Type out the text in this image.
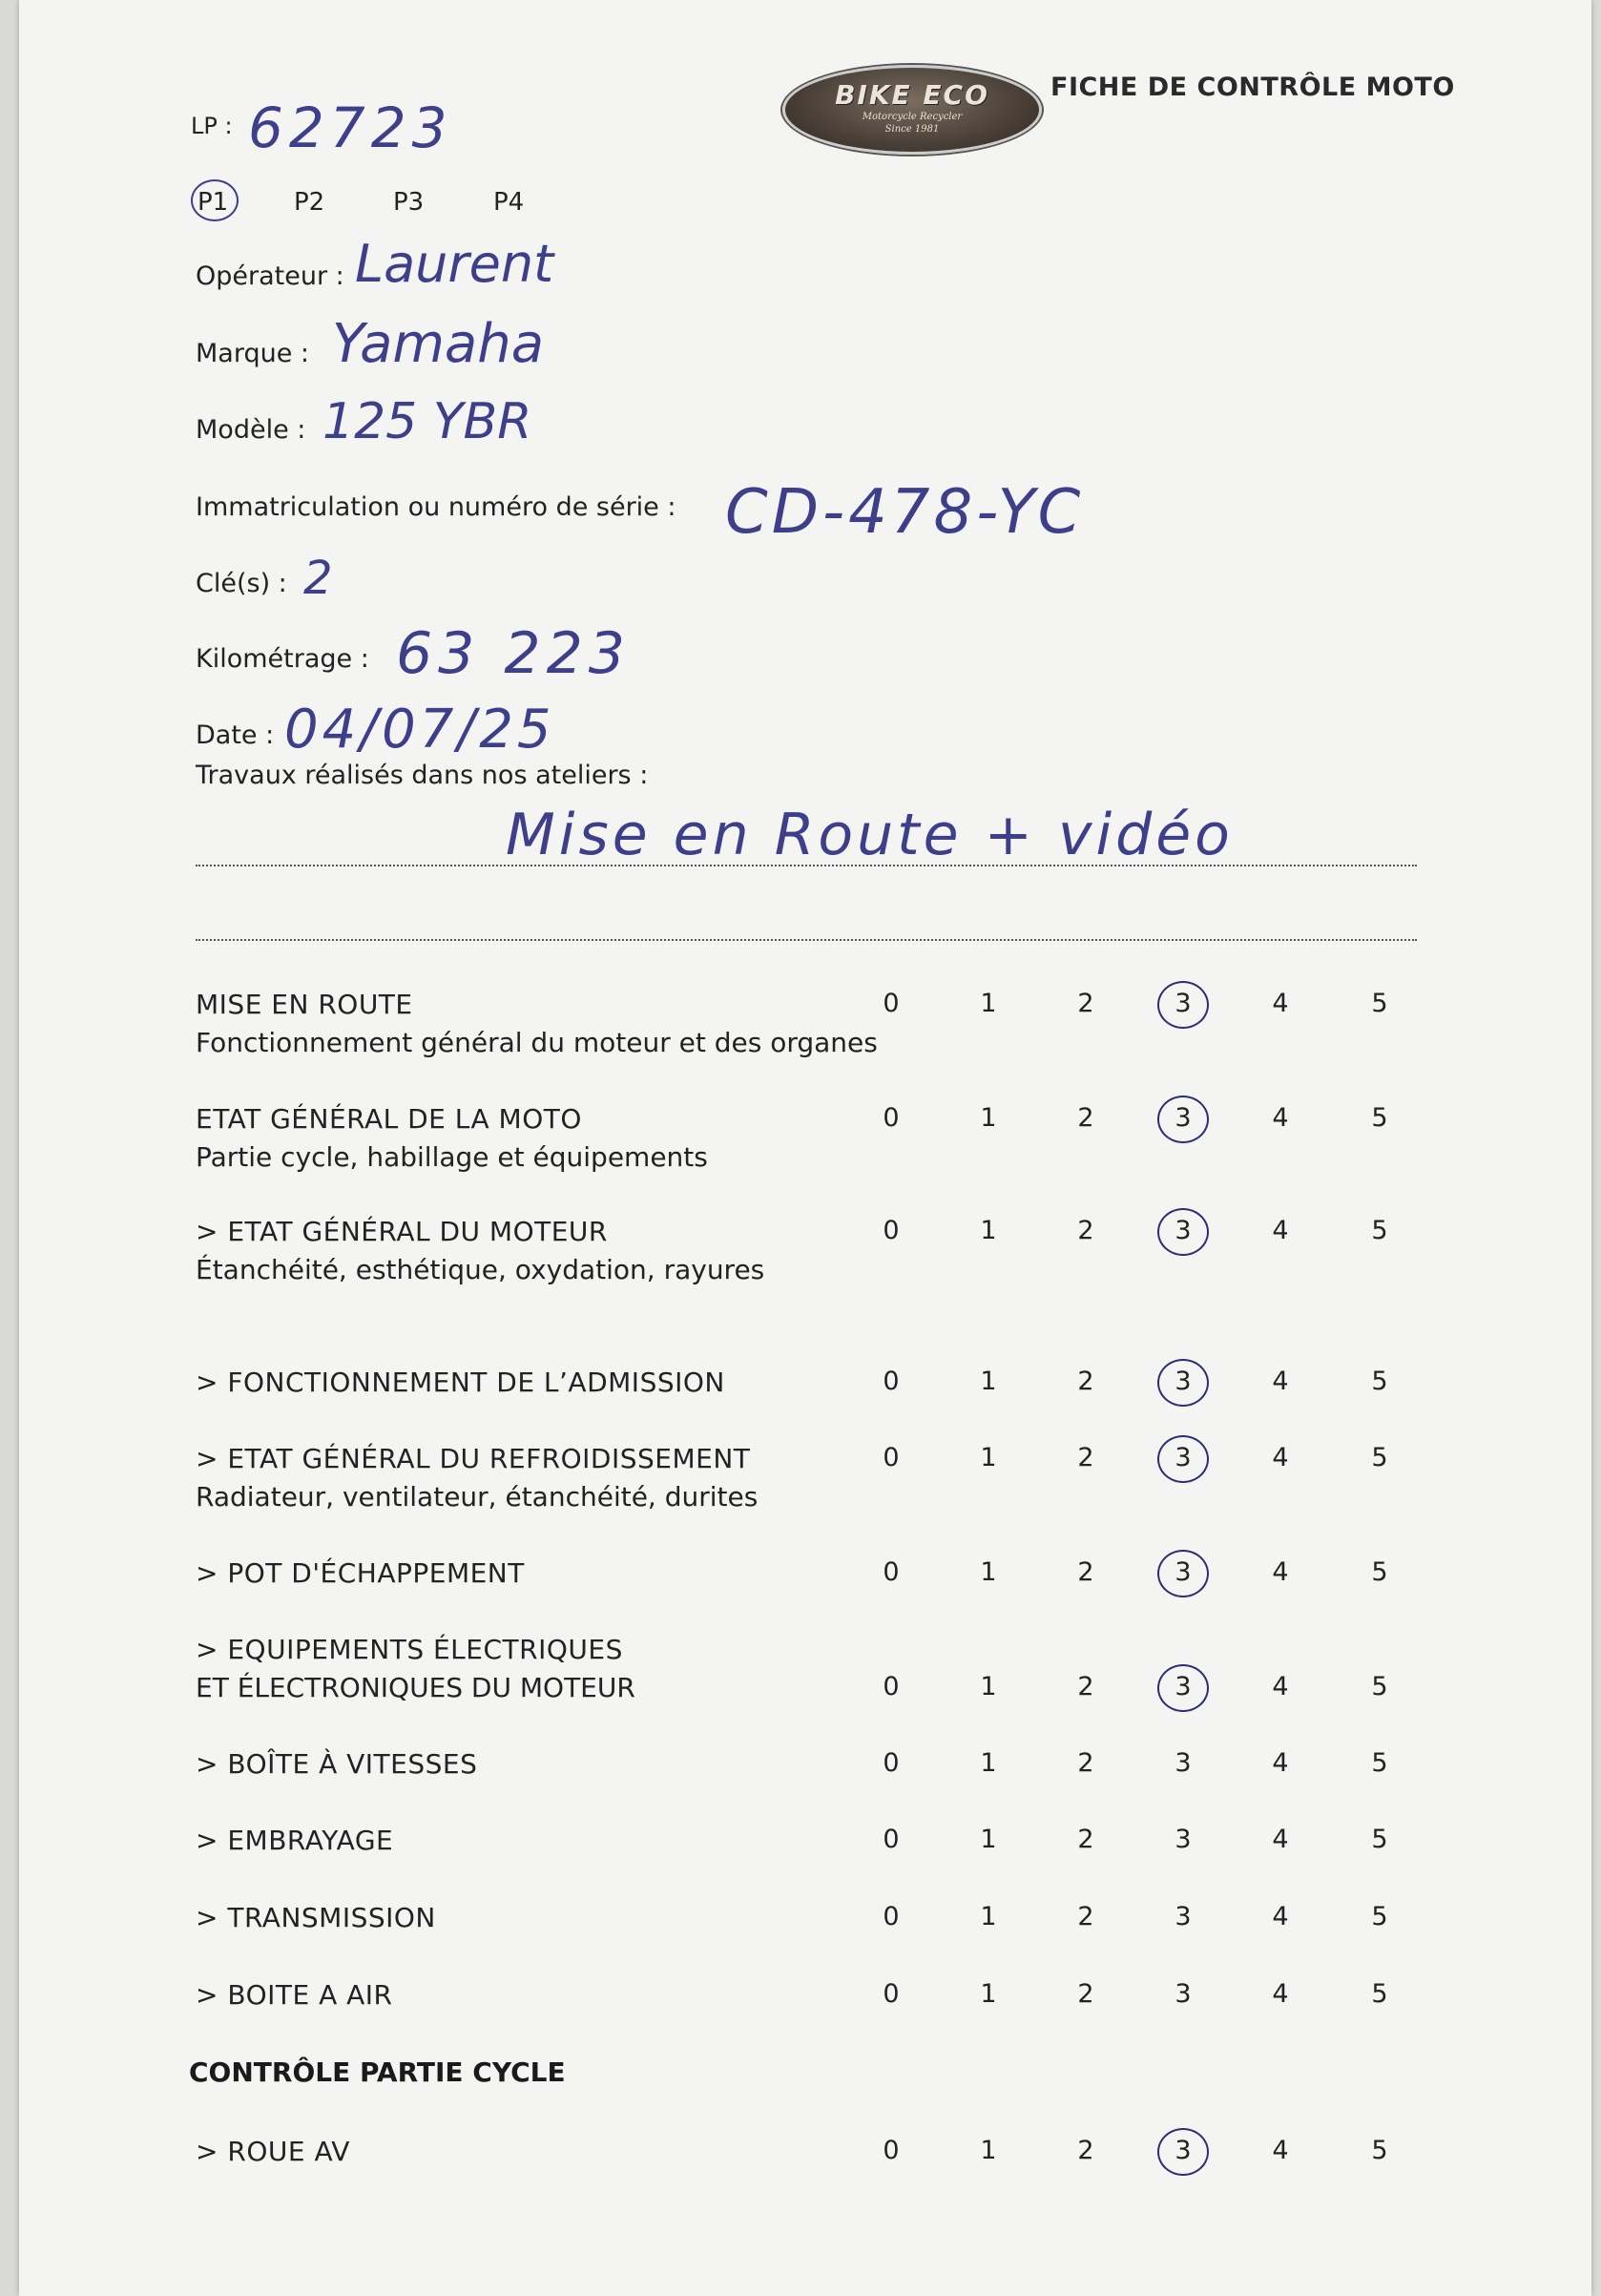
BIKE ECO
Motorcycle Recycler
Since 1981
FICHE DE CONTRÔLE MOTO
LP : 62723
P1	P2	P3	P4
Opérateur : Laurent
Marque : Yamaha
Modèle : 125 YBR
Immatriculation ou numéro de série : CD-478-YC
Clé(s) : 2
Kilométrage : 63 223
Date : 04/07/25
Travaux réalisés dans nos ateliers :
Mise en Route + vidéo
MISE EN ROUTE
Fonctionnement général du moteur et des organes
0	1	2	3	4	5
ETAT GÉNÉRAL DE LA MOTO
Partie cycle, habillage et équipements
0	1	2	3	4	5
> ETAT GÉNÉRAL DU MOTEUR
Étanchéité, esthétique, oxydation, rayures
0	1	2	3	4	5
> FONCTIONNEMENT DE L’ADMISSION	0	1	2	3	4	5
> ETAT GÉNÉRAL DU REFROIDISSEMENT
Radiateur, ventilateur, étanchéité, durites
0	1	2	3	4	5
> POT D'ÉCHAPPEMENT	0	1	2	3	4	5
> EQUIPEMENTS ÉLECTRIQUES
ET ÉLECTRONIQUES DU MOTEUR	0	1	2	3	4	5
> BOÎTE À VITESSES	0	1	2	3	4	5
> EMBRAYAGE	0	1	2	3	4	5
> TRANSMISSION	0	1	2	3	4	5
> BOITE A AIR	0	1	2	3	4	5
CONTRÔLE PARTIE CYCLE
> ROUE AV	0	1	2	3	4	5
